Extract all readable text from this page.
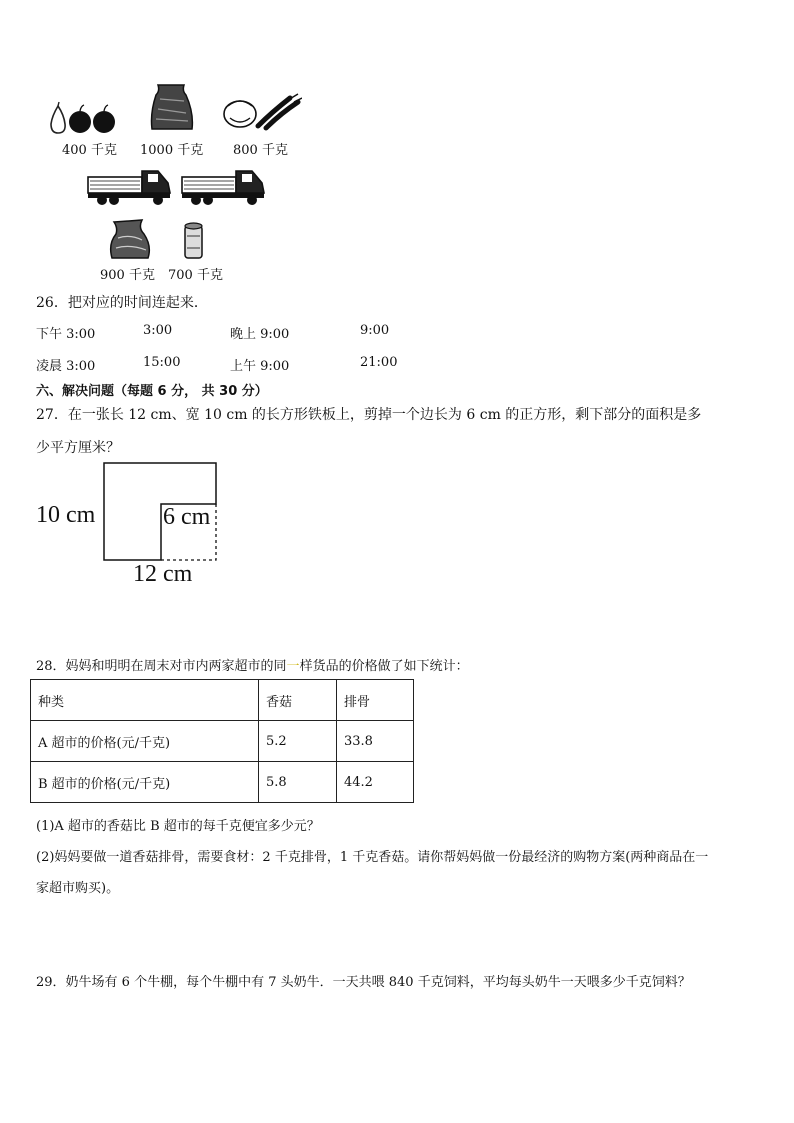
400 千克 1000 千克 800 千克
900 千克 700 千克
26．把对应的时间连起来．
下午 3:00	3:00	晚上 9:00	9:00
凌晨 3:00	15:00	上午 9:00	21:00
六、解决问题（每题 6 分， 共 30 分）
27．在一张长 12 cm、宽 10 cm 的长方形铁板上，剪掉一个边长为 6 cm 的正方形，剩下部分的面积是多
少平方厘米？
10 cm	6 cm
12 cm
28．妈妈和明明在周末对市内两家超市的同一样货品的价格做了如下统计：
种类	香菇	排骨
A 超市的价格(元/千克)	5.2	33.8
B 超市的价格(元/千克)	5.8	44.2
(1)A 超市的香菇比 B 超市的每千克便宜多少元？
(2)妈妈要做一道香菇排骨，需要食材：2 千克排骨，1 千克香菇。请你帮妈妈做一份最经济的购物方案(两种商品在一
家超市购买)。
29．奶牛场有 6 个牛棚，每个牛棚中有 7 头奶牛．一天共喂 840 千克饲料，平均每头奶牛一天喂多少千克饲料？
